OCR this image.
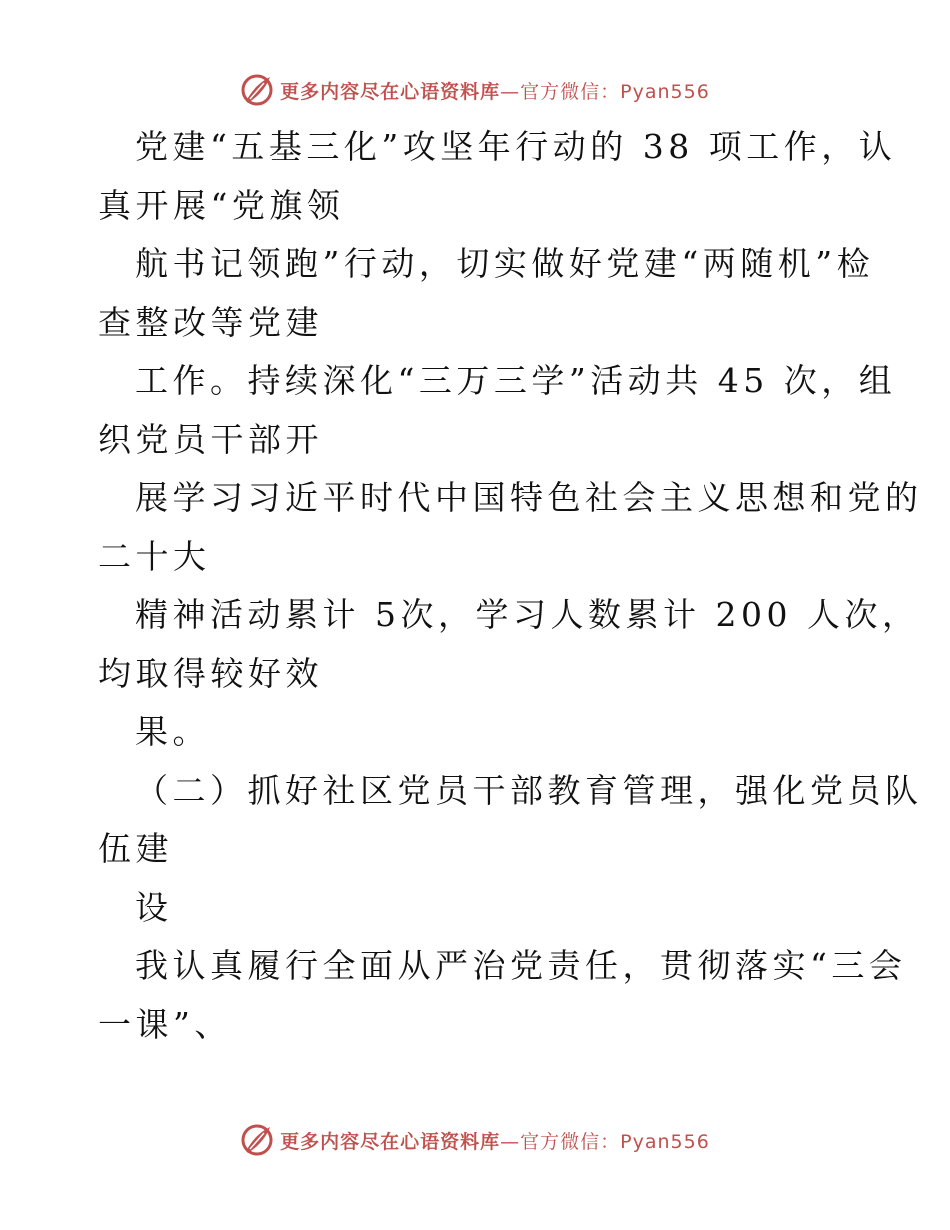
更多内容尽在心语资料库—官方微信：Pyan556
党建“五基三化”攻坚年行动的 38 项工作，认
真开展“党旗领
航书记领跑”行动，切实做好党建“两随机”检
查整改等党建
工作。持续深化“三万三学”活动共 45 次，组
织党员干部开
展学习习近平时代中国特色社会主义思想和党的
二十大
精神活动累计 5次，学习人数累计 200 人次，
均取得较好效
果。
（二）抓好社区党员干部教育管理，强化党员队
伍建
设
我认真履行全面从严治党责任，贯彻落实“三会
一课”、
更多内容尽在心语资料库—官方微信：Pyan556
